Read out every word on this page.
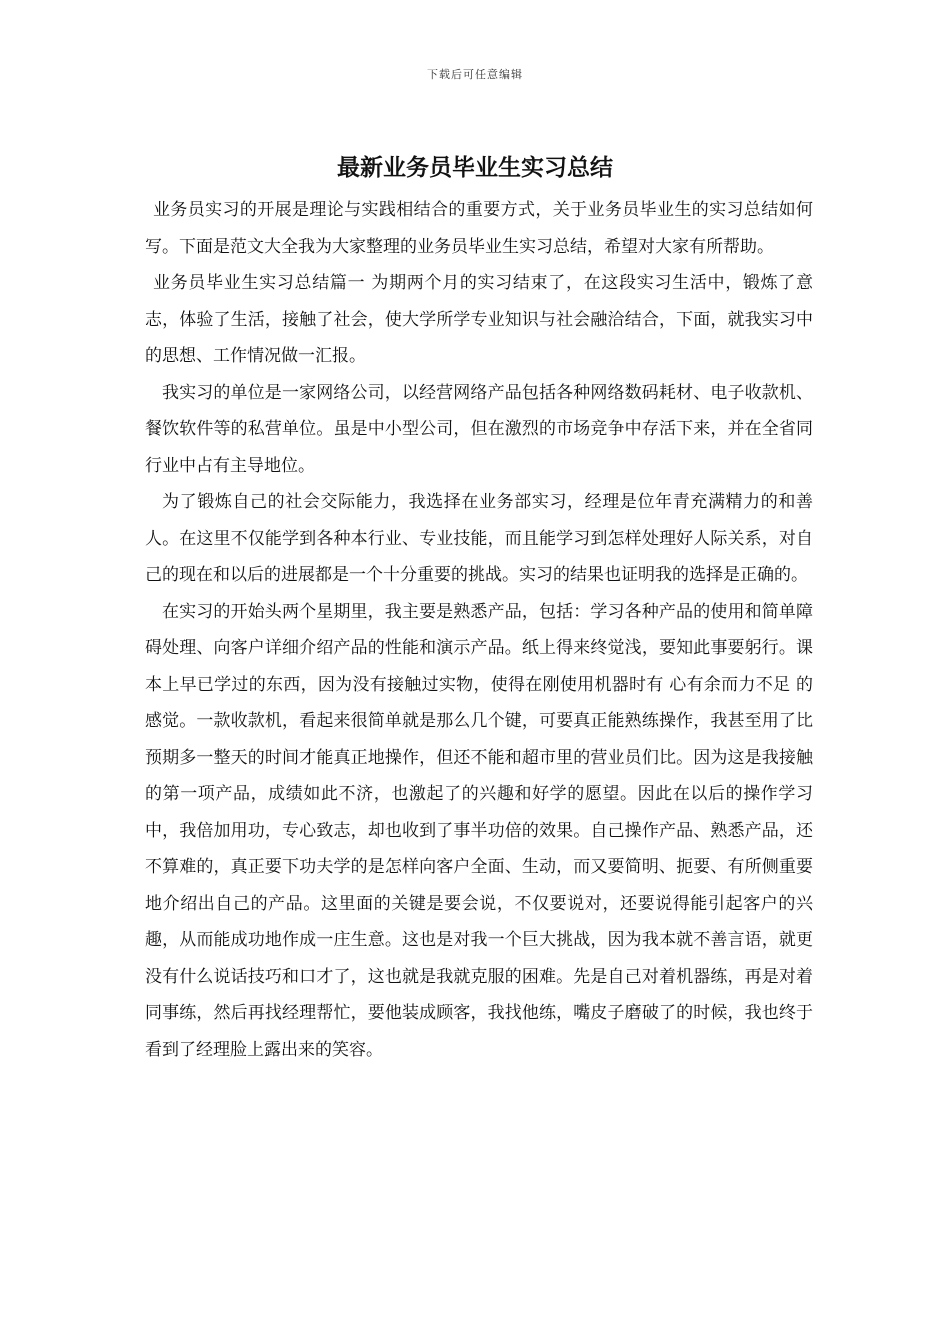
下载后可任意编辑
最新业务员毕业生实习总结

业务员实习的开展是理论与实践相结合的重要方式，关于业务员毕业生的实习总结如何写。下面是范文大全我为大家整理的业务员毕业生实习总结，希望对大家有所帮助。

业务员毕业生实习总结篇一 为期两个月的实习结束了，在这段实习生活中，锻炼了意志，体验了生活，接触了社会，使大学所学专业知识与社会融洽结合，下面，就我实习中的思想、工作情况做一汇报。

我实习的单位是一家网络公司，以经营网络产品包括各种网络数码耗材、电子收款机、餐饮软件等的私营单位。虽是中小型公司，但在激烈的市场竞争中存活下来，并在全省同行业中占有主导地位。

为了锻炼自己的社会交际能力，我选择在业务部实习，经理是位年青充满精力的和善人。在这里不仅能学到各种本行业、专业技能，而且能学习到怎样处理好人际关系，对自己的现在和以后的进展都是一个十分重要的挑战。实习的结果也证明我的选择是正确的。

在实习的开始头两个星期里，我主要是熟悉产品，包括：学习各种产品的使用和简单障碍处理、向客户详细介绍产品的性能和演示产品。纸上得来终觉浅，要知此事要躬行。课本上早已学过的东西，因为没有接触过实物，使得在刚使用机器时有 心有余而力不足 的感觉。一款收款机，看起来很简单就是那么几个键，可要真正能熟练操作，我甚至用了比预期多一整天的时间才能真正地操作，但还不能和超市里的营业员们比。因为这是我接触的第一项产品，成绩如此不济，也激起了的兴趣和好学的愿望。因此在以后的操作学习中，我倍加用功，专心致志，却也收到了事半功倍的效果。自己操作产品、熟悉产品，还不算难的，真正要下功夫学的是怎样向客户全面、生动，而又要简明、扼要、有所侧重要地介绍出自己的产品。这里面的关键是要会说，不仅要说对，还要说得能引起客户的兴趣，从而能成功地作成一庄生意。这也是对我一个巨大挑战，因为我本就不善言语，就更没有什么说话技巧和口才了，这也就是我就克服的困难。先是自己对着机器练，再是对着同事练，然后再找经理帮忙，要他装成顾客，我找他练，嘴皮子磨破了的时候，我也终于看到了经理脸上露出来的笑容。
